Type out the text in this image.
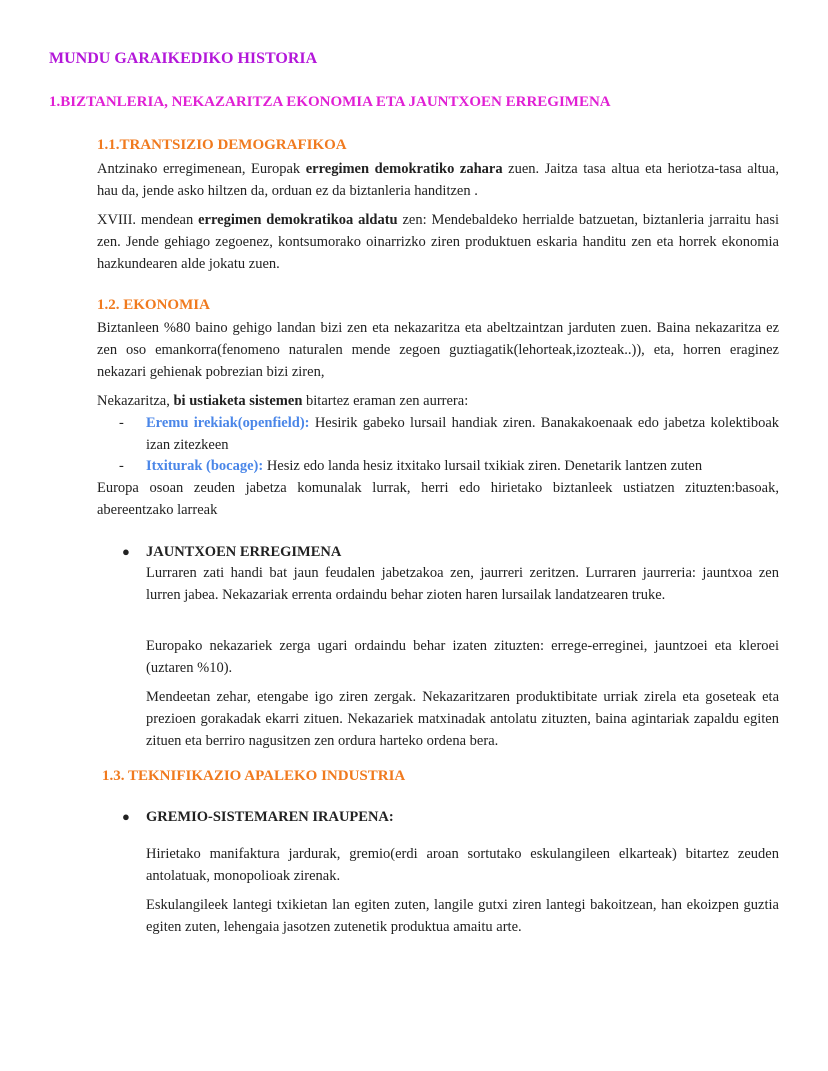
MUNDU GARAIKEDIKO HISTORIA
1.BIZTANLERIA, NEKAZARITZA EKONOMIA ETA JAUNTXOEN ERREGIMENA
1.1.TRANTSIZIO DEMOGRAFIKOA
Antzinako erregimenean, Europak erregimen demokratiko zahara zuen. Jaitza tasa altua eta heriotza-tasa altua, hau da, jende asko hiltzen da, orduan ez da biztanleria handitzen .
XVIII. mendean erregimen demokratikoa aldatu zen: Mendebaldeko herrialde batzuetan, biztanleria jarraitu hasi zen. Jende gehiago zegoenez, kontsumorako oinarrizko ziren produktuen eskaria handitu zen eta horrek ekonomia hazkundearen alde jokatu zuen.
1.2. EKONOMIA
Biztanleen %80 baino gehigo landan bizi zen eta nekazaritza eta abeltzaintzan jarduten zuen. Baina nekazaritza ez zen oso emankorra(fenomeno naturalen mende zegoen guztiagatik(lehorteak,izozteak..)), eta, horren eraginez nekazari gehienak pobrezian bizi ziren,
Nekazaritza, bi ustiaketa sistemen bitartez eraman zen aurrera:
- Eremu irekiak(openfield): Hesirik gabeko lursail handiak ziren. Banakakoenaak edo jabetza kolektiboak izan zitezkeen
- Itxiturak (bocage): Hesiz edo landa hesiz itxitako lursail txikiak ziren. Denetarik lantzen zuten
Europa osoan zeuden jabetza komunalak lurrak, herri edo hirietako biztanleek ustiatzen zituzten:basoak, abereentzako larreak
● JAUNTXOEN ERREGIMENA
Lurraren zati handi bat jaun feudalen jabetzakoa zen, jaurreri zeritzen. Lurraren jaurreria: jauntxoa zen lurren jabea. Nekazariak errenta ordaindu behar zioten haren lursailak landatzearen truke.
Europako nekazariek zerga ugari ordaindu behar izaten zituzten: errege-erreginei, jauntzoei eta kleroei (uztaren %10).
Mendeetan zehar, etengabe igo ziren zergak. Nekazaritzaren produktibitate urriak zirela eta goseteak eta prezioen gorakadak ekarri zituen. Nekazariek matxinadak antolatu zituzten, baina agintariak zapaldu egiten zituen eta berriro nagusitzen zen ordura harteko ordena bera.
1.3. TEKNIFIKAZIO APALEKO INDUSTRIA
● GREMIO-SISTEMAREN IRAUPENA:
Hirietako manifaktura jardurak, gremio(erdi aroan sortutako eskulangileen elkarteak) bitartez zeuden antolatuak, monopolioak zirenak.
Eskulangileek lantegi txikietan lan egiten zuten, langile gutxi ziren lantegi bakoitzean, han ekoizpen guztia egiten zuten, lehengaia jasotzen zutenetik produktua amaitu arte.
